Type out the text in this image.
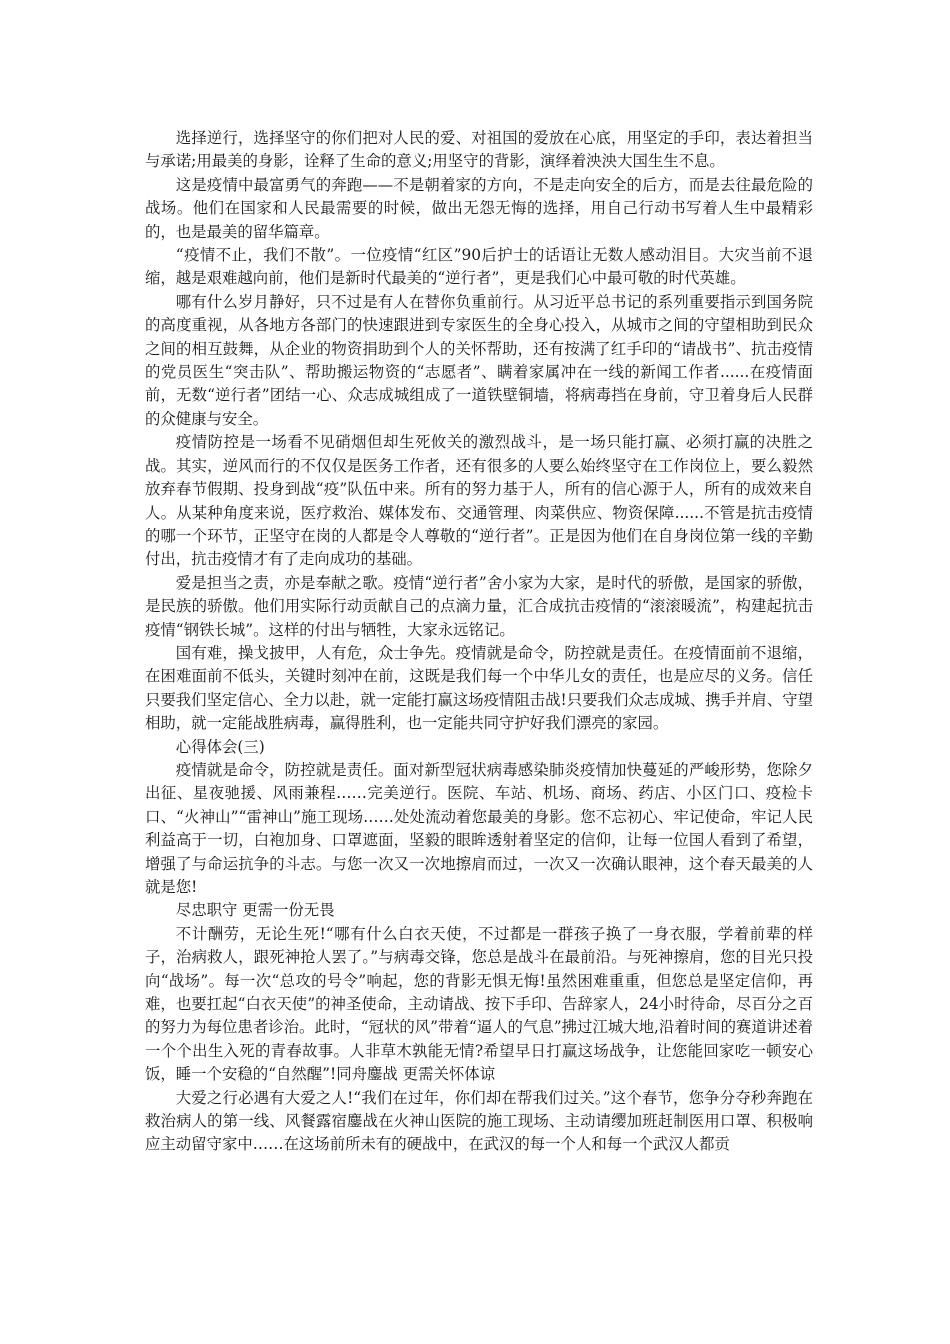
选择逆行，选择坚守的你们把对人民的爱、对祖国的爱放在心底，用坚定的手印，表达着担当与承诺;用最美的身影，诠释了生命的意义;用坚守的背影，演绎着泱泱大国生生不息。

这是疫情中最富勇气的奔跑——不是朝着家的方向，不是走向安全的后方，而是去往最危险的战场。他们在国家和人民最需要的时候，做出无怨无悔的选择，用自己行动书写着人生中最精彩的，也是最美的留华篇章。

“疫情不止，我们不散”。一位疫情“红区”90后护士的话语让无数人感动泪目。大灾当前不退缩，越是艰难越向前，他们是新时代最美的“逆行者”，更是我们心中最可敬的时代英雄。

哪有什么岁月静好，只不过是有人在替你负重前行。从习近平总书记的系列重要指示到国务院的高度重视，从各地方各部门的快速跟进到专家医生的全身心投入，从城市之间的守望相助到民众之间的相互鼓舞，从企业的物资捐助到个人的关怀帮助，还有按满了红手印的“请战书”、抗击疫情的党员医生“突击队”、帮助搬运物资的“志愿者”、瞒着家属冲在一线的新闻工作者......在疫情面前，无数“逆行者”团结一心、众志成城组成了一道铁壁铜墙，将病毒挡在身前，守卫着身后人民群的众健康与安全。

疫情防控是一场看不见硝烟但却生死攸关的激烈战斗，是一场只能打赢、必须打赢的决胜之战。其实，逆风而行的不仅仅是医务工作者，还有很多的人要么始终坚守在工作岗位上，要么毅然放弃春节假期、投身到战“疫”队伍中来。所有的努力基于人，所有的信心源于人，所有的成效来自人。从某种角度来说，医疗救治、媒体发布、交通管理、肉菜供应、物资保障......不管是抗击疫情的哪一个环节，正坚守在岗的人都是令人尊敬的“逆行者”。正是因为他们在自身岗位第一线的辛勤付出，抗击疫情才有了走向成功的基础。

爱是担当之责，亦是奉献之歌。疫情“逆行者”舍小家为大家，是时代的骄傲，是国家的骄傲，是民族的骄傲。他们用实际行动贡献自己的点滴力量，汇合成抗击疫情的“滚滚暖流”，构建起抗击疫情“钢铁长城”。这样的付出与牺牲，大家永远铭记。

国有难，操戈披甲，人有危，众士争先。疫情就是命令，防控就是责任。在疫情面前不退缩，在困难面前不低头，关键时刻冲在前，这既是我们每一个中华儿女的责任，也是应尽的义务。信任只要我们坚定信心、全力以赴，就一定能打赢这场疫情阻击战!只要我们众志成城、携手并肩、守望相助，就一定能战胜病毒，赢得胜利，也一定能共同守护好我们漂亮的家园。

心得体会(三)

疫情就是命令，防控就是责任。面对新型冠状病毒感染肺炎疫情加快蔓延的严峻形势，您除夕出征、星夜驰援、风雨兼程……完美逆行。医院、车站、机场、商场、药店、小区门口、疫检卡口、“火神山”“雷神山”施工现场……处处流动着您最美的身影。您不忘初心、牢记使命，牢记人民利益高于一切，白袍加身、口罩遮面，坚毅的眼眸透射着坚定的信仰，让每一位国人看到了希望，增强了与命运抗争的斗志。与您一次又一次地擦肩而过，一次又一次确认眼神，这个春天最美的人就是您!

尽忠职守 更需一份无畏

不计酬劳，无论生死!“哪有什么白衣天使，不过都是一群孩子换了一身衣服，学着前辈的样子，治病救人，跟死神抢人罢了。”与病毒交锋，您总是战斗在最前沿。与死神擦肩，您的目光只投向“战场”。每一次“总攻的号令”响起，您的背影无惧无悔!虽然困难重重，但您总是坚定信仰，再难，也要扛起“白衣天使”的神圣使命，主动请战、按下手印、告辞家人，24小时待命，尽百分之百的努力为每位患者诊治。此时，“冠状的风”带着“逼人的气息”拂过江城大地,沿着时间的赛道讲述着一个个出生入死的青春故事。人非草木孰能无情?希望早日打赢这场战争，让您能回家吃一顿安心饭，睡一个安稳的“自然醒”!同舟鏖战 更需关怀体谅

大爱之行必遇有大爱之人!“我们在过年，你们却在帮我们过关。”这个春节，您争分夺秒奔跑在救治病人的第一线、风餐露宿鏖战在火神山医院的施工现场、主动请缨加班赶制医用口罩、积极响应主动留守家中……在这场前所未有的硬战中，在武汉的每一个人和每一个武汉人都贡
